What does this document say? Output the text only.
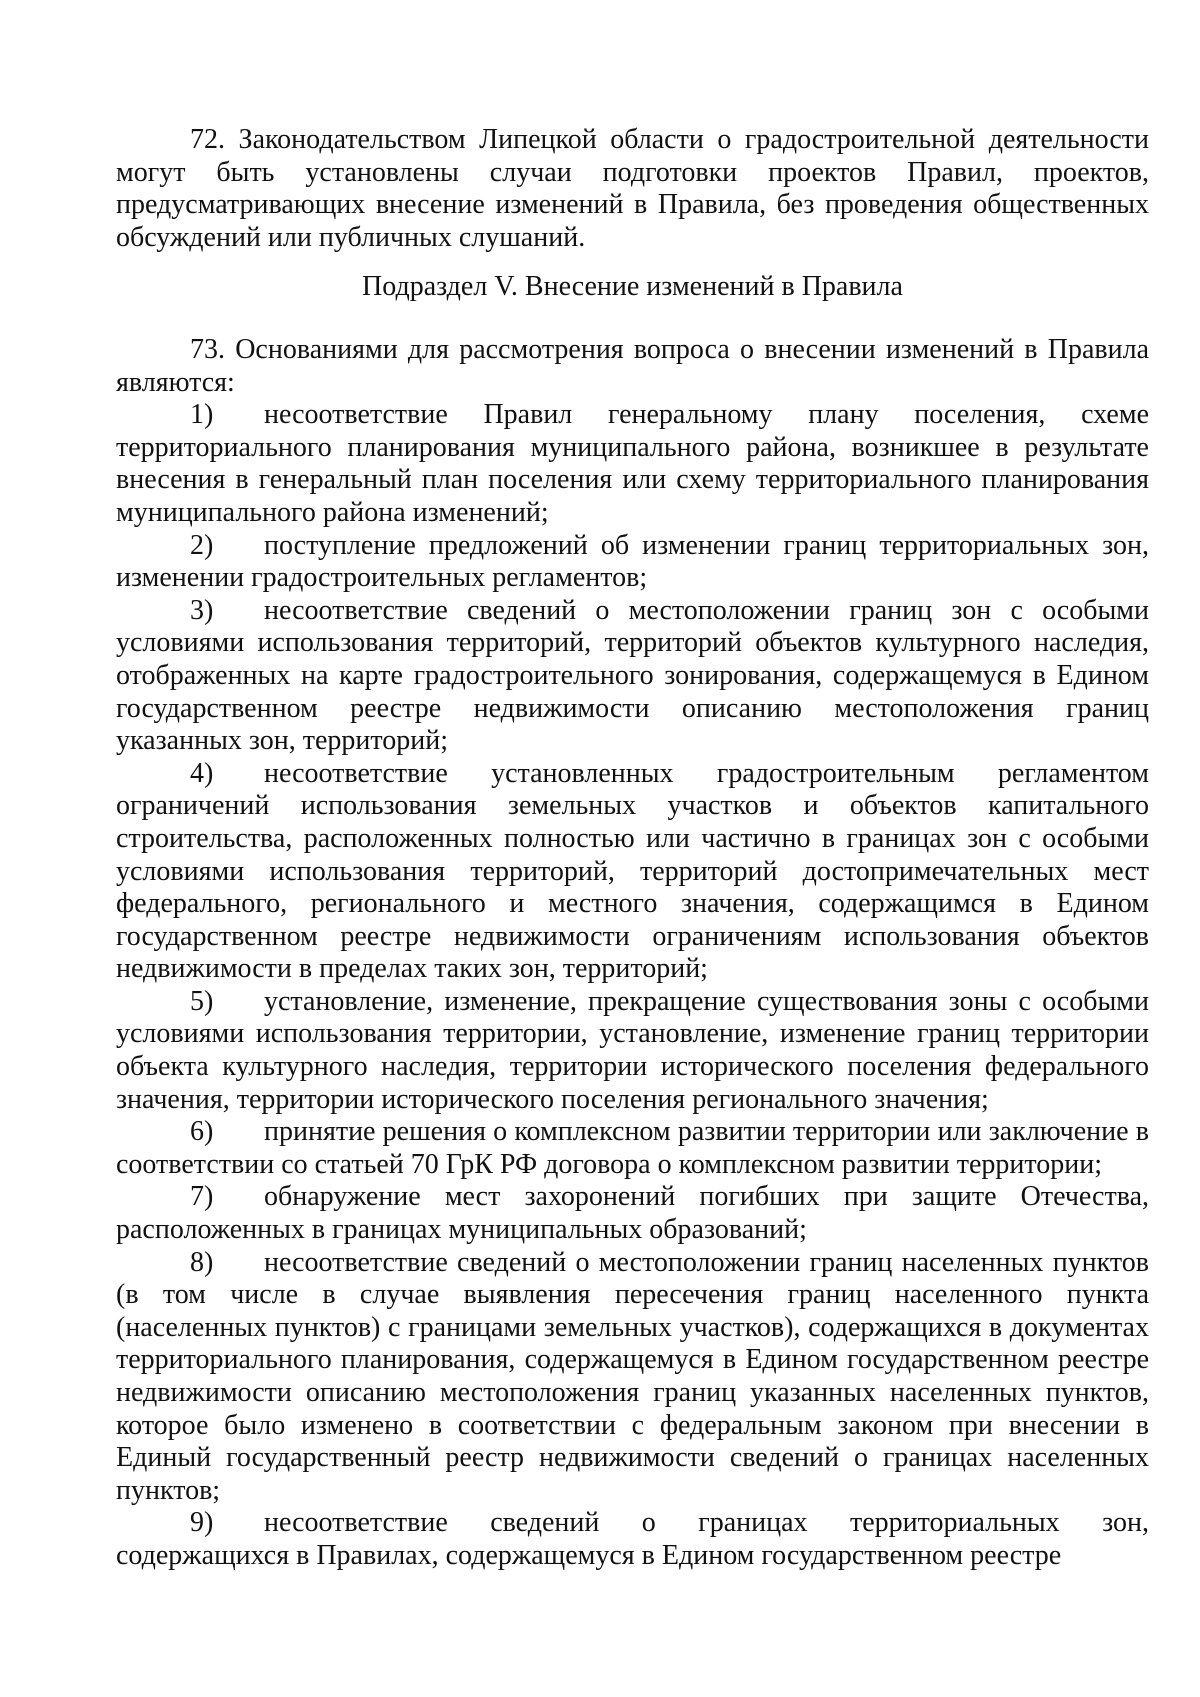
72. Законодательством Липецкой области о градостроительной деятельности могут быть установлены случаи подготовки проектов Правил, проектов, предусматривающих внесение изменений в Правила, без проведения общественных обсуждений или публичных слушаний.

Подраздел V. Внесение изменений в Правила

73. Основаниями для рассмотрения вопроса о внесении изменений в Правила являются:

1) несоответствие Правил генеральному плану поселения, схеме территориального планирования муниципального района, возникшее в результате внесения в генеральный план поселения или схему территориального планирования муниципального района изменений;

2) поступление предложений об изменении границ территориальных зон, изменении градостроительных регламентов;

3) несоответствие сведений о местоположении границ зон с особыми условиями использования территорий, территорий объектов культурного наследия, отображенных на карте градостроительного зонирования, содержащемуся в Едином государственном реестре недвижимости описанию местоположения границ указанных зон, территорий;

4) несоответствие установленных градостроительным регламентом ограничений использования земельных участков и объектов капитального строительства, расположенных полностью или частично в границах зон с особыми условиями использования территорий, территорий достопримечательных мест федерального, регионального и местного значения, содержащимся в Едином государственном реестре недвижимости ограничениям использования объектов недвижимости в пределах таких зон, территорий;

5) установление, изменение, прекращение существования зоны с особыми условиями использования территории, установление, изменение границ территории объекта культурного наследия, территории исторического поселения федерального значения, территории исторического поселения регионального значения;

6) принятие решения о комплексном развитии территории или заключение в соответствии со статьей 70 ГрК РФ договора о комплексном развитии территории;

7) обнаружение мест захоронений погибших при защите Отечества, расположенных в границах муниципальных образований;

8) несоответствие сведений о местоположении границ населенных пунктов (в том числе в случае выявления пересечения границ населенного пункта (населенных пунктов) с границами земельных участков), содержащихся в документах территориального планирования, содержащемуся в Едином государственном реестре недвижимости описанию местоположения границ указанных населенных пунктов, которое было изменено в соответствии с федеральным законом при внесении в Единый государственный реестр недвижимости сведений о границах населенных пунктов;

9) несоответствие сведений о границах территориальных зон, содержащихся в Правилах, содержащемуся в Едином государственном реестре
